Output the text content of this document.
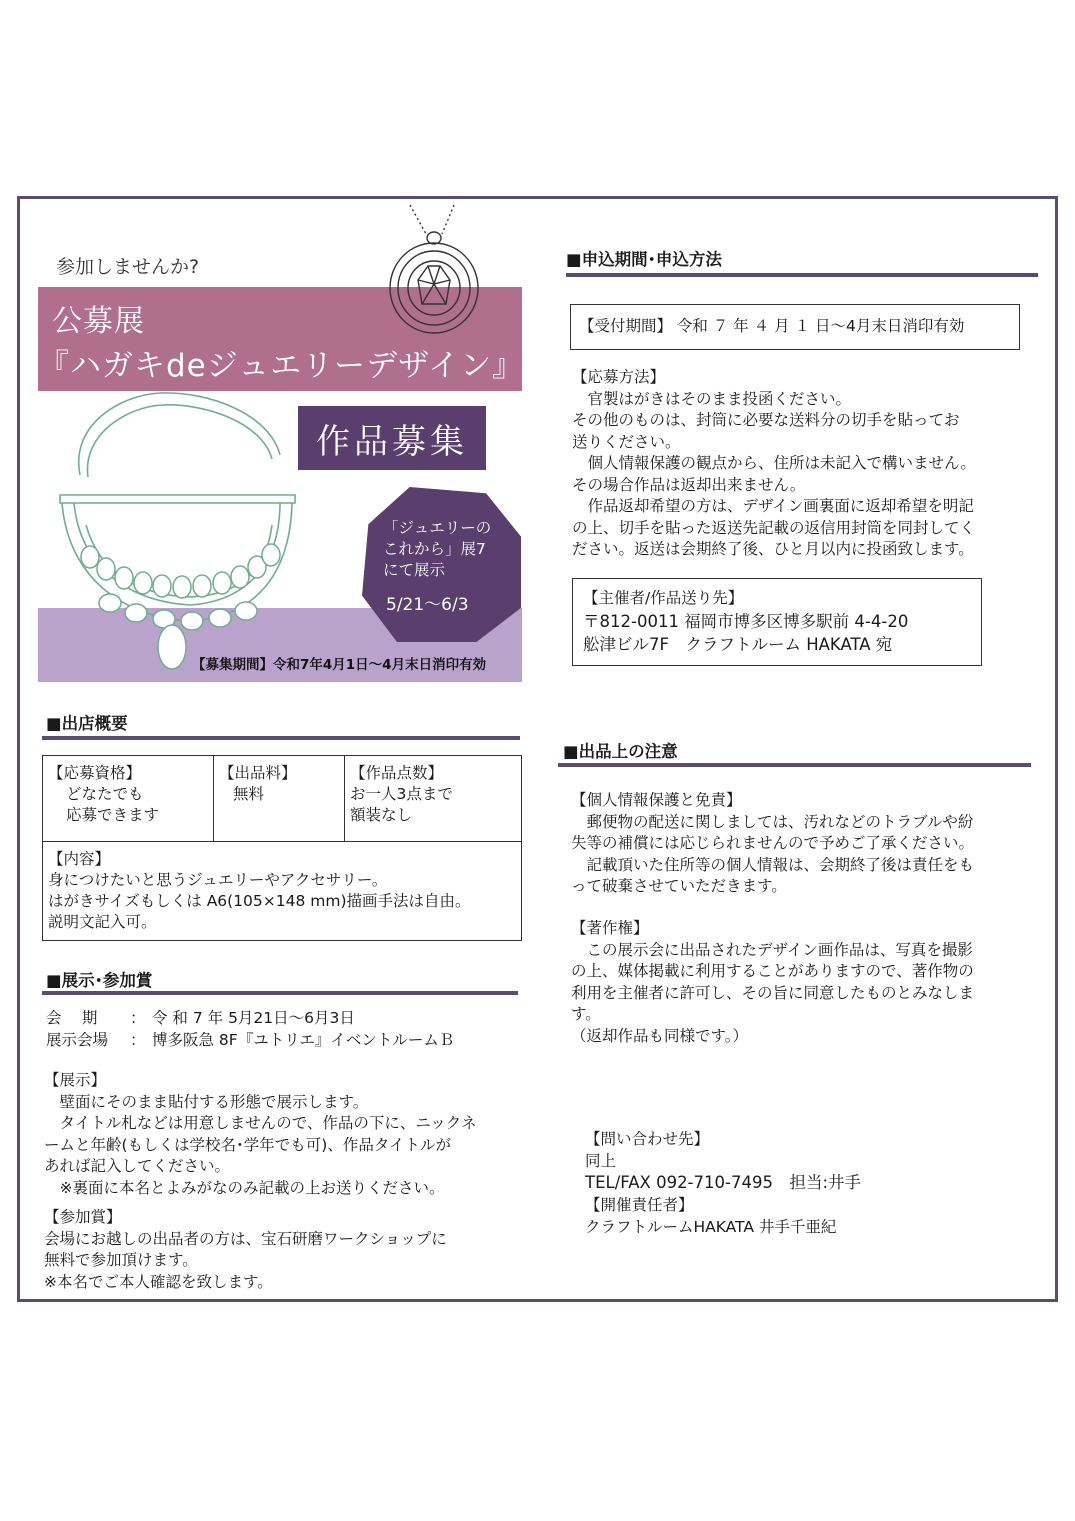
参加しませんか?
公募展
『ハガキdeジュエリーデザイン』
作品募集
「ジュエリーの
これから」展7
にて展示
5/21～6/3
【募集期間】令和7年4月1日～4月末日消印有効
■出店概要
【応募資格】
どなたでも
応募できます

【出品料】
無料

【作品点数】
お一人3点まで
額装なし

【内容】
身につけたいと思うジュエリーやアクセサリー。
はがきサイズもしくは A6(105×148 mm)描画手法は自由。
説明文記入可。
■展示･参加賞
会　 期 ： 令 和 7 年 5月21日～6月3日
展示会場 ： 博多阪急 8F『ユトリエ』イベントルームＢ
【展示】
　壁面にそのまま貼付する形態で展示します。
　タイトル札などは用意しませんので、作品の下に、ニックネ
ームと年齢(もしくは学校名･学年でも可)、作品タイトルが
あれば記入してください。
　※裏面に本名とよみがなのみ記載の上お送りください。
【参加賞】
会場にお越しの出品者の方は、宝石研磨ワークショップに
無料で参加頂けます。
※本名でご本人確認を致します。
■申込期間･申込方法
【受付期間】 令和 ７ 年 ４ 月 １ 日～4月末日消印有効
【応募方法】
　官製はがきはそのまま投函ください。
その他のものは、封筒に必要な送料分の切手を貼ってお
送りください。
　個人情報保護の観点から、住所は未記入で構いません。
その場合作品は返却出来ません。
　作品返却希望の方は、デザイン画裏面に返却希望を明記
の上、切手を貼った返送先記載の返信用封筒を同封してく
ださい。返送は会期終了後、ひと月以内に投函致します。
【主催者/作品送り先】
〒812-0011 福岡市博多区博多駅前 4-4-20
舩津ビル7F　クラフトルーム HAKATA 宛
■出品上の注意
【個人情報保護と免責】
　郵便物の配送に関しましては、汚れなどのトラブルや紛
失等の補償には応じられませんので予めご了承ください。
　記載頂いた住所等の個人情報は、会期終了後は責任をも
って破棄させていただきます。
【著作権】
　この展示会に出品されたデザイン画作品は、写真を撮影
の上、媒体掲載に利用することがありますので、著作物の
利用を主催者に許可し、その旨に同意したものとみなしま
す。
（返却作品も同様です。）
【問い合わせ先】
同上
TEL/FAX 092-710-7495　担当:井手
【開催責任者】
クラフトルームHAKATA 井手千亜紀
